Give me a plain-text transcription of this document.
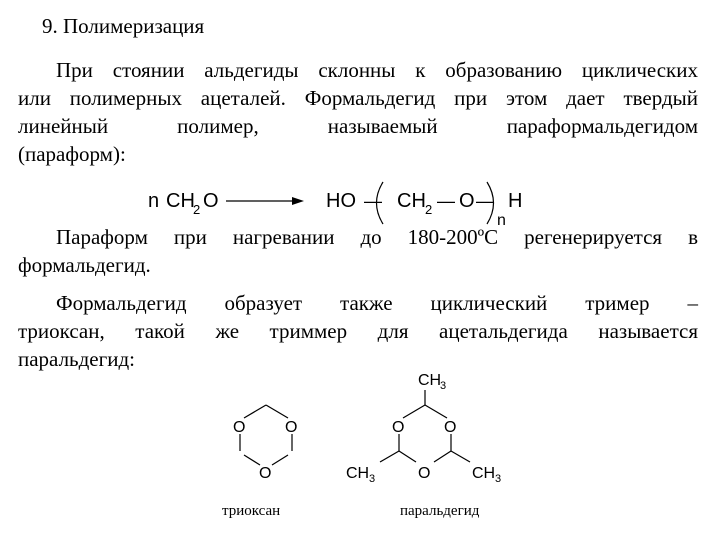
9. Полимеризация
При стоянии альдегиды склонны к образованию циклических
или полимерных ацеталей. Формальдегид при этом дает твердый
линейный полимер, называемый параформальдегидом
(параформ):
n CH
2 O	HO — CH 2 — O — H
n
Параформ при нагревании до 180-200ºС регенерируется в
формальдегид.
Формальдегид образует также циклический тример –
триоксан, такой же триммер для ацетальдегида называется
паральдегид:
O O
O
триоксан
CH
3
O O
O
CH 3	CH 3
паральдегид
